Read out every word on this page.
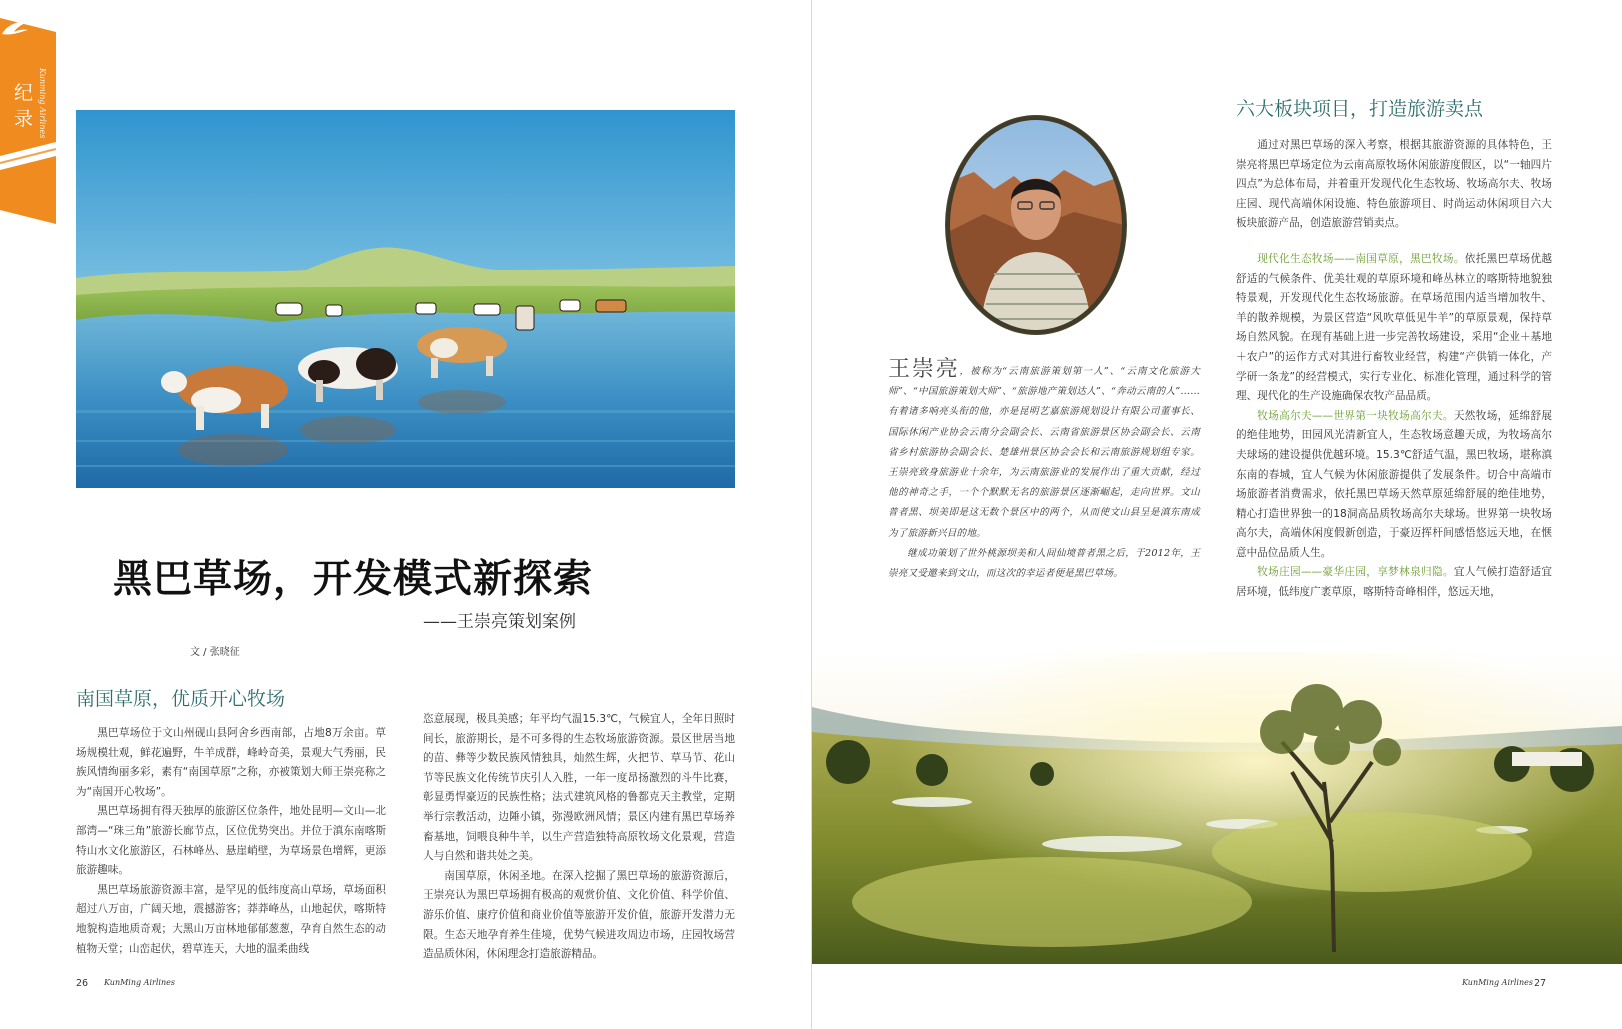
纪录 Kunming Airlines
黑巴草场，开发模式新探索
——王崇亮策划案例
文 / 张晓征
南国草原，优质开心牧场

黑巴草场位于文山州砚山县阿舍乡西南部，占地8万余亩。草场规模壮观，鲜花遍野，牛羊成群，峰岭奇美，景观大气秀丽，民族风情绚丽多彩，素有“南国草原”之称，亦被策划大师王崇亮称之为“南国开心牧场”。

黑巴草场拥有得天独厚的旅游区位条件，地处昆明—文山—北部湾—“珠三角”旅游长廊节点，区位优势突出。并位于滇东南喀斯特山水文化旅游区，石林峰丛、悬崖峭壁，为草场景色增辉，更添旅游趣味。

黑巴草场旅游资源丰富，是罕见的低纬度高山草场，草场面积超过八万亩，广阔天地，震撼游客；莽莽峰丛，山地起伏，喀斯特地貌构造地质奇观；大黑山万亩林地郁郁葱葱，孕育自然生态的动植物天堂；山峦起伏，碧草连天，大地的温柔曲线

恣意展现，极具美感；年平均气温15.3℃，气候宜人，全年日照时间长，旅游期长，是不可多得的生态牧场旅游资源。景区世居当地的苗、彝等少数民族风情独具，灿然生辉，火把节、草马节、花山节等民族文化传统节庆引人入胜，一年一度昂扬激烈的斗牛比赛，彰显勇悍豪迈的民族性格；法式建筑风格的鲁都克天主教堂，定期举行宗教活动，边陲小镇，弥漫欧洲风情；景区内建有黑巴草场养畜基地，饲喂良种牛羊，以生产营造独特高原牧场文化景观，营造人与自然和谐共处之美。

南国草原，休闲圣地。在深入挖掘了黑巴草场的旅游资源后，王崇亮认为黑巴草场拥有极高的观赏价值、文化价值、科学价值、游乐价值、康疗价值和商业价值等旅游开发价值，旅游开发潜力无限。生态天地孕育养生佳境，优势气候进攻周边市场，庄园牧场营造品质休闲，休闲理念打造旅游精品。

26 KunMing Airlines
六大板块项目，打造旅游卖点

王崇亮，被称为“云南旅游策划第一人”、“云南文化旅游大师”、“中国旅游策划大师”、“旅游地产策划达人”、“奔动云南的人”……有着诸多响亮头衔的他，亦是昆明艺嘉旅游规划设计有限公司董事长、国际休闲产业协会云南分会副会长、云南省旅游景区协会副会长、云南省乡村旅游协会副会长、楚雄州景区协会会长和云南旅游规划组专家。王崇亮致身旅游业十余年，为云南旅游业的发展作出了重大贡献，经过他的神奇之手，一个个默默无名的旅游景区逐渐崛起，走向世界。文山普者黑、坝美即是这无数个景区中的两个，从而使文山县呈是滇东南成为了旅游新兴目的地。

继成功策划了世外桃源坝美和人间仙境普者黑之后，于2012年，王崇亮又受邀来到文山，而这次的幸运者便是黑巴草场。

通过对黑巴草场的深入考察，根据其旅游资源的具体特色，王崇亮将黑巴草场定位为云南高原牧场休闲旅游度假区，以“一轴四片四点”为总体布局，并着重开发现代化生态牧场、牧场高尔夫、牧场庄园、现代高端休闲设施、特色旅游项目、时尚运动休闲项目六大板块旅游产品，创造旅游营销卖点。

现代化生态牧场——南国草原，黑巴牧场。依托黑巴草场优越舒适的气候条件、优美壮观的草原环境和峰丛林立的喀斯特地貌独特景观，开发现代化生态牧场旅游。在草场范围内适当增加牧牛、羊的散养规模，为景区营造“风吹草低见牛羊”的草原景观，保持草场自然风貌。在现有基础上进一步完善牧场建设，采用“企业＋基地＋农户”的运作方式对其进行畜牧业经营，构建“产供销一体化，产学研一条龙”的经营模式，实行专业化、标准化管理，通过科学的管理、现代化的生产设施确保农牧产品品质。

牧场高尔夫——世界第一块牧场高尔夫。天然牧场，延绵舒展的绝佳地势，田园风光清新宜人，生态牧场意趣天成，为牧场高尔夫球场的建设提供优越环境。15.3℃舒适气温，黑巴牧场，堪称滇东南的春城，宜人气候为休闲旅游提供了发展条件。切合中高端市场旅游者消费需求，依托黑巴草场天然草原延绵舒展的绝佳地势，精心打造世界独一的18洞高品质牧场高尔夫球场。世界第一块牧场高尔夫，高端休闲度假新创造，于豪迈挥杆间感悟悠远天地，在惬意中品位品质人生。

牧场庄园——豪华庄园，享梦林泉归隐。宜人气候打造舒适宜居环境，低纬度广袤草原，喀斯特奇峰相伴，悠远天地，

KunMing Airlines 27
